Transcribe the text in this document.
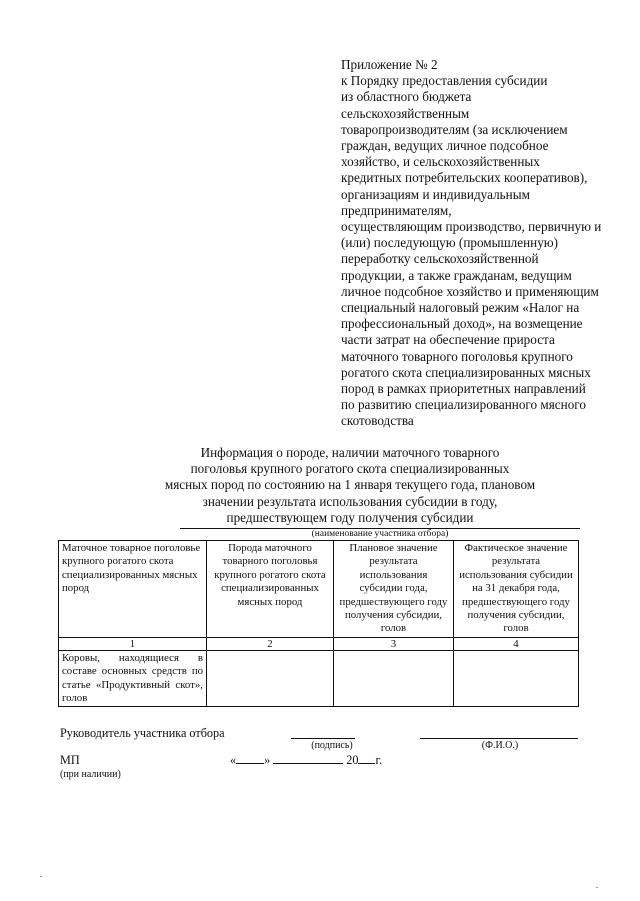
Приложение № 2
к Порядку предоставления субсидии
из областного бюджета
сельскохозяйственным
товаропроизводителям (за исключением
граждан, ведущих личное подсобное
хозяйство, и сельскохозяйственных
кредитных потребительских кооперативов),
организациям и индивидуальным
предпринимателям,
осуществляющим производство, первичную и
(или) последующую (промышленную)
переработку сельскохозяйственной
продукции, а также гражданам, ведущим
личное подсобное хозяйство и применяющим
специальный налоговый режим «Налог на
профессиональный доход», на возмещение
части затрат на обеспечение прироста
маточного товарного поголовья крупного
рогатого скота специализированных мясных
пород в рамках приоритетных направлений
по развитию специализированного мясного
скотоводства
Информация о породе, наличии маточного товарного
поголовья крупного рогатого скота специализированных
мясных пород по состоянию на 1 января текущего года, плановом
значении результата использования субсидии в году,
предшествующем году получения субсидии
(наименование участника отбора)
Маточное товарное поголовье крупного рогатого скота специализированных мясных пород	Порода маточного товарного поголовья крупного рогатого скота специализированных мясных пород	Плановое значение результата использования субсидии года, предшествующего году получения субсидии, голов	Фактическое значение результата использования субсидии на 31 декабря года, предшествующего году получения субсидии, голов
1	2	3	4
Коровы, находящиеся в составе основных средств по статье «Продуктивный скот», голов			
Руководитель участника отбора
(подпись)	(Ф.И.О.)
МП
(при наличии)
« »	20 г.
